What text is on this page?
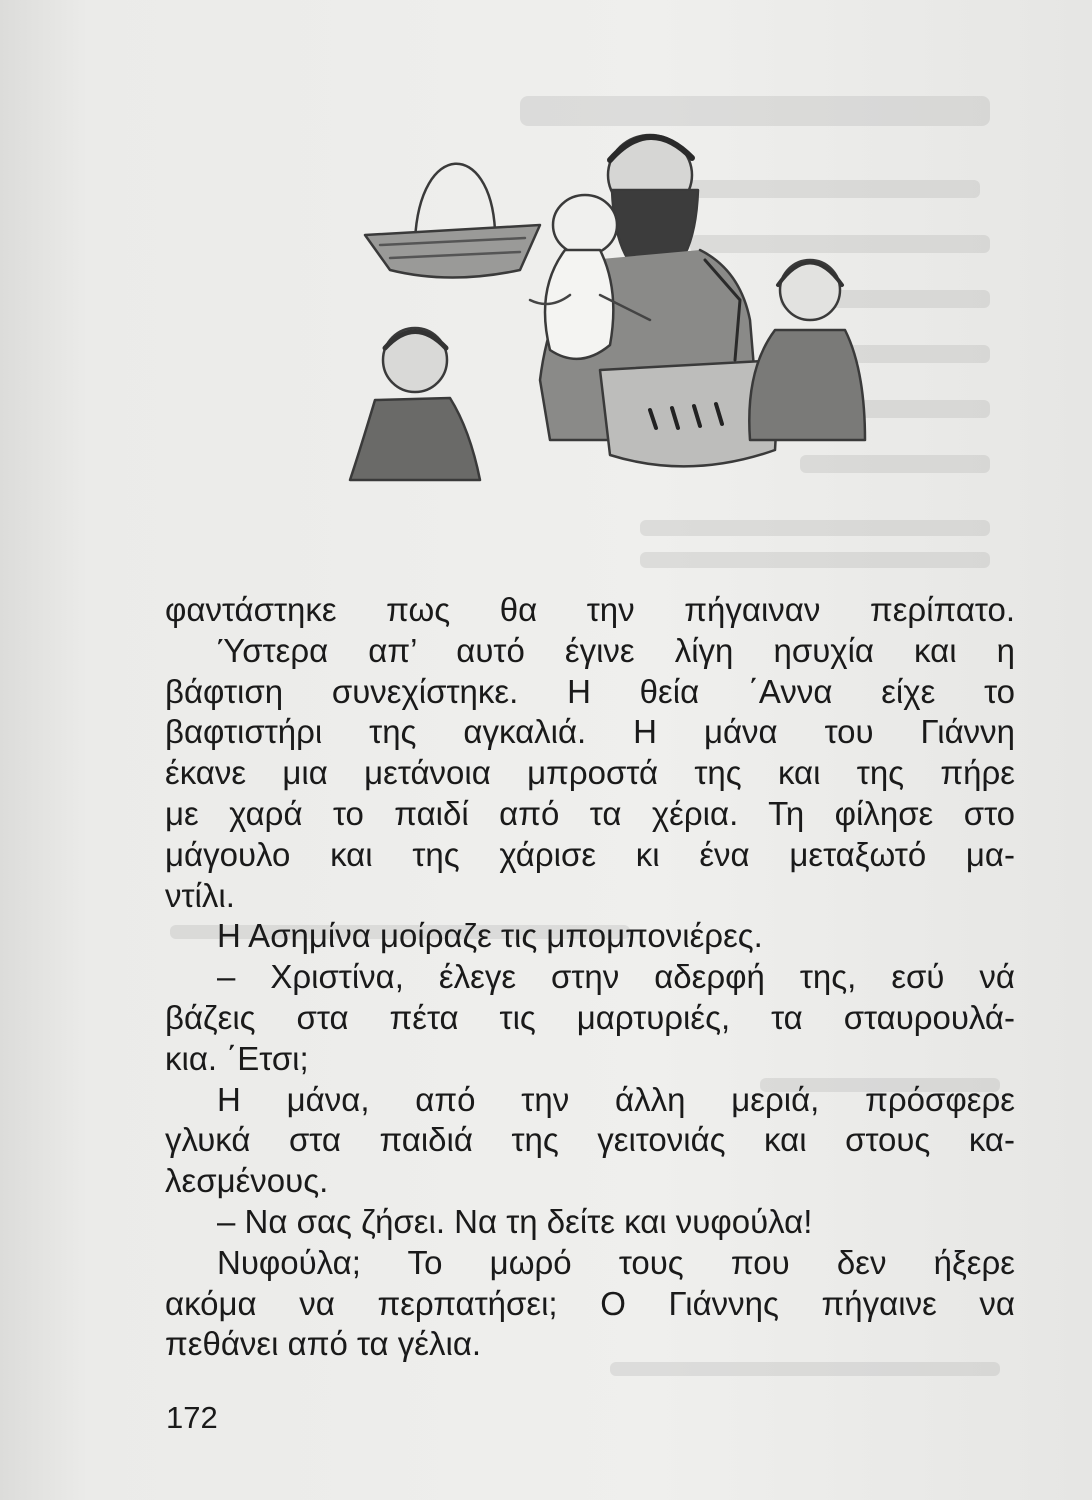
φαντάστηκε πως θα την πήγαιναν περίπατο.
Ύστερα απ’ αυτό έγινε λίγη ησυχία και η
βάφτιση συνεχίστηκε. Η θεία ΄Αννα είχε το
βαφτιστήρι της αγκαλιά. Η μάνα του Γιάννη
έκανε μια μετάνοια μπροστά της και της πήρε
με χαρά το παιδί από τα χέρια. Τη φίλησε στο
μάγουλο και της χάρισε κι ένα μεταξωτό μα-
ντίλι.
Η Ασημίνα μοίραζε τις μπομπονιέρες.
– Χριστίνα, έλεγε στην αδερφή της, εσύ νά
βάζεις στα πέτα τις μαρτυριές, τα σταυρουλά-
κια. ΄Ετσι;
Η μάνα, από την άλλη μεριά, πρόσφερε
γλυκά στα παιδιά της γειτονιάς και στους κα-
λεσμένους.
– Να σας ζήσει. Να τη δείτε και νυφούλα!
Νυφούλα; Το μωρό τους που δεν ήξερε
ακόμα να περπατήσει; Ο Γιάννης πήγαινε να
πεθάνει από τα γέλια.
172
